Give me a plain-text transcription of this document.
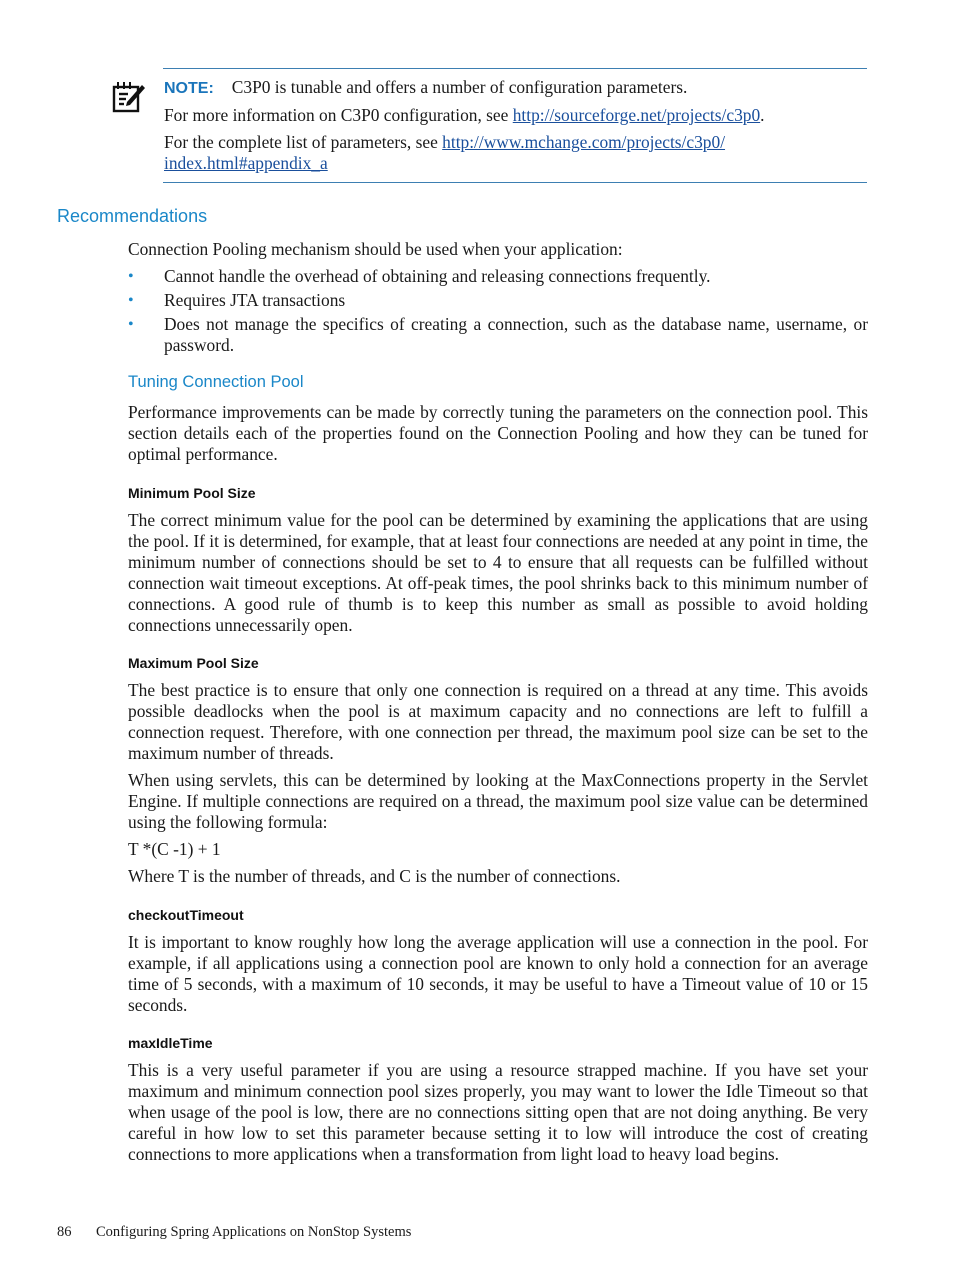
NOTE: C3P0 is tunable and offers a number of configuration parameters.
For more information on C3P0 configuration, see http://sourceforge.net/projects/c3p0.
For the complete list of parameters, see http://www.mchange.com/projects/c3p0/
index.html#appendix_a
Recommendations

Connection Pooling mechanism should be used when your application:

• Cannot handle the overhead of obtaining and releasing connections frequently.
• Requires JTA transactions
• Does not manage the specifics of creating a connection, such as the database name, username, or password.
Tuning Connection Pool

Performance improvements can be made by correctly tuning the parameters on the connection pool. This section details each of the properties found on the Connection Pooling and how they can be tuned for optimal performance.

Minimum Pool Size

The correct minimum value for the pool can be determined by examining the applications that are using the pool. If it is determined, for example, that at least four connections are needed at any point in time, the minimum number of connections should be set to 4 to ensure that all requests can be fulfilled without connection wait timeout exceptions. At off-peak times, the pool shrinks back to this minimum number of connections. A good rule of thumb is to keep this number as small as possible to avoid holding connections unnecessarily open.

Maximum Pool Size

The best practice is to ensure that only one connection is required on a thread at any time. This avoids possible deadlocks when the pool is at maximum capacity and no connections are left to fulfill a connection request. Therefore, with one connection per thread, the maximum pool size can be set to the maximum number of threads.

When using servlets, this can be determined by looking at the MaxConnections property in the Servlet Engine. If multiple connections are required on a thread, the maximum pool size value can be determined using the following formula:

T *(C -1) + 1

Where T is the number of threads, and C is the number of connections.

checkoutTimeout

It is important to know roughly how long the average application will use a connection in the pool. For example, if all applications using a connection pool are known to only hold a connection for an average time of 5 seconds, with a maximum of 10 seconds, it may be useful to have a Timeout value of 10 or 15 seconds.

maxIdleTime

This is a very useful parameter if you are using a resource strapped machine. If you have set your maximum and minimum connection pool sizes properly, you may want to lower the Idle Timeout so that when usage of the pool is low, there are no connections sitting open that are not doing anything. Be very careful in how low to set this parameter because setting it to low will introduce the cost of creating connections to more applications when a transformation from light load to heavy load begins.

86 Configuring Spring Applications on NonStop Systems
